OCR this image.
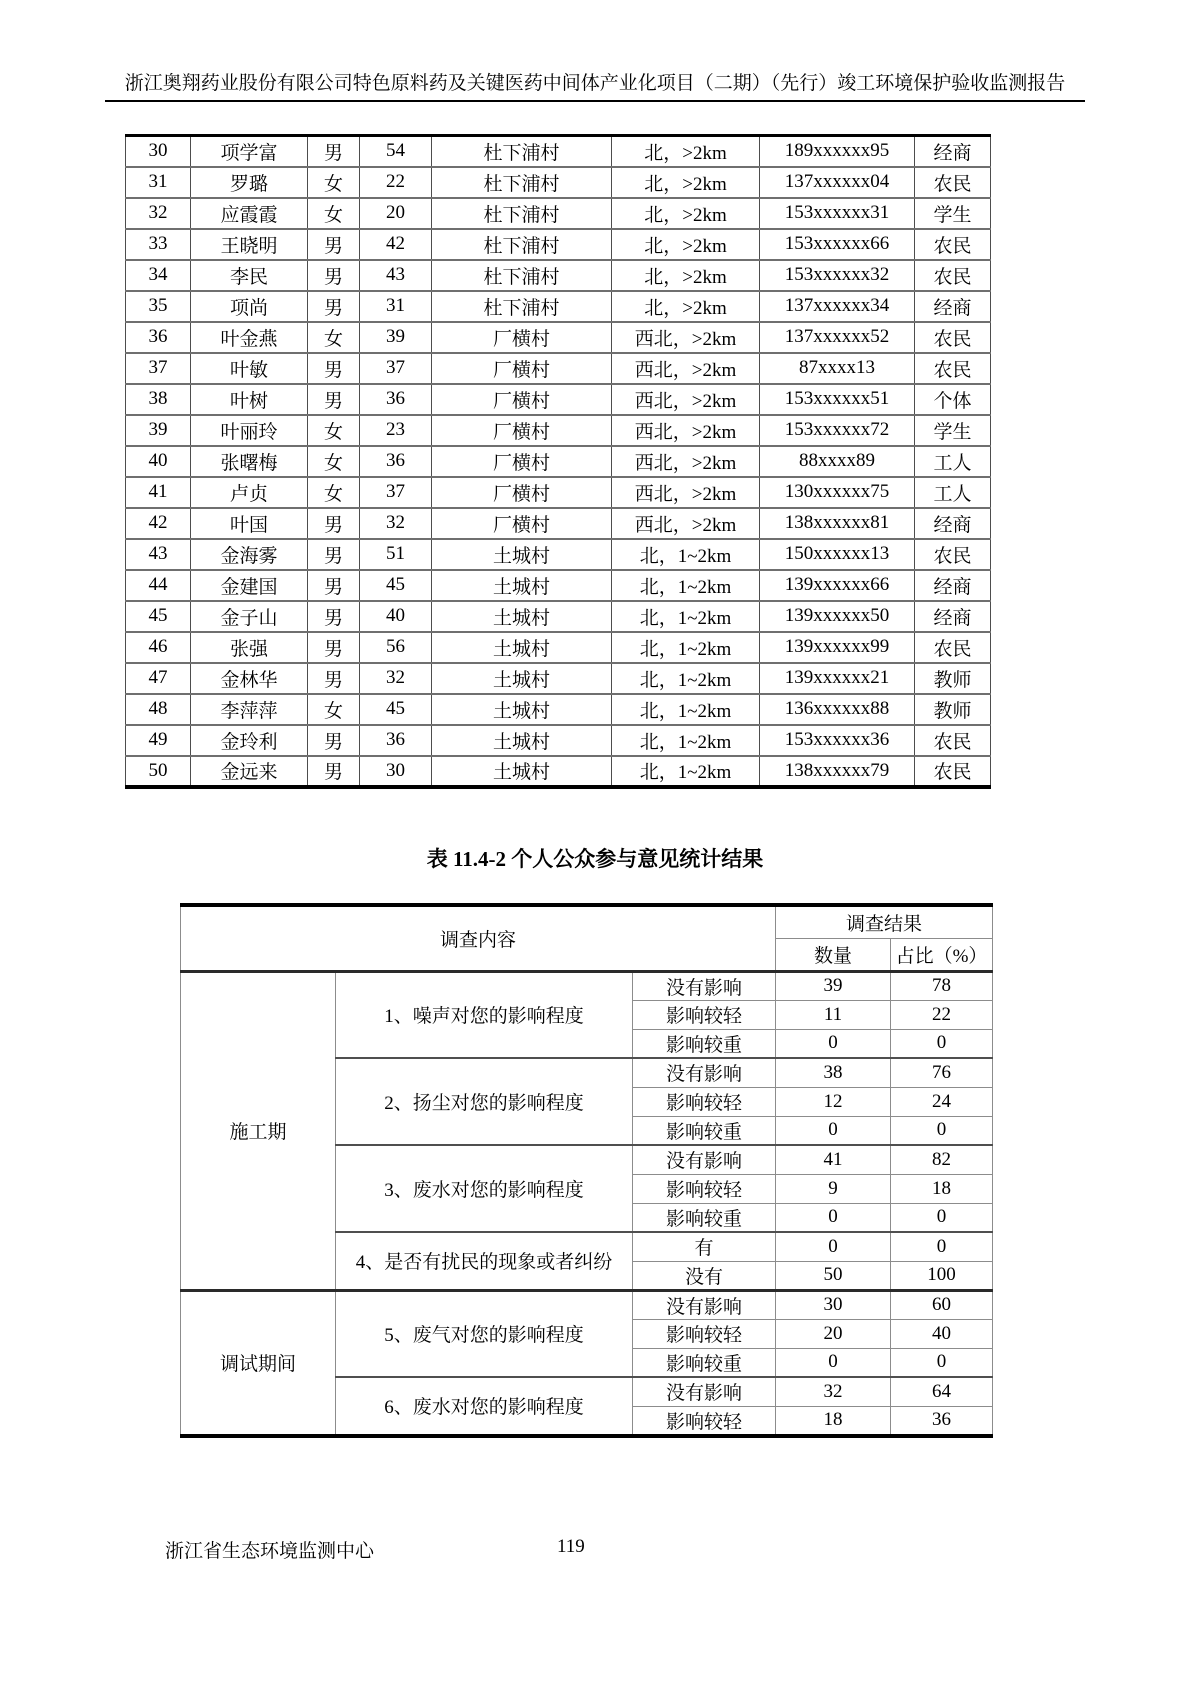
浙江奥翔药业股份有限公司特色原料药及关键医药中间体产业化项目（二期）（先行）竣工环境保护验收监测报告
30	项学富	男	54	杜下浦村	北，>2km	189xxxxxx95	经商
31	罗璐	女	22	杜下浦村	北，>2km	137xxxxxx04	农民
32	应霞霞	女	20	杜下浦村	北，>2km	153xxxxxx31	学生
33	王晓明	男	42	杜下浦村	北，>2km	153xxxxxx66	农民
34	李民	男	43	杜下浦村	北，>2km	153xxxxxx32	农民
35	项尚	男	31	杜下浦村	北，>2km	137xxxxxx34	经商
36	叶金燕	女	39	厂横村	西北，>2km	137xxxxxx52	农民
37	叶敏	男	37	厂横村	西北，>2km	87xxxx13	农民
38	叶树	男	36	厂横村	西北，>2km	153xxxxxx51	个体
39	叶丽玲	女	23	厂横村	西北，>2km	153xxxxxx72	学生
40	张曙梅	女	36	厂横村	西北，>2km	88xxxx89	工人
41	卢贞	女	37	厂横村	西北，>2km	130xxxxxx75	工人
42	叶国	男	32	厂横村	西北，>2km	138xxxxxx81	经商
43	金海雾	男	51	土城村	北，1~2km	150xxxxxx13	农民
44	金建国	男	45	土城村	北，1~2km	139xxxxxx66	经商
45	金子山	男	40	土城村	北，1~2km	139xxxxxx50	经商
46	张强	男	56	土城村	北，1~2km	139xxxxxx99	农民
47	金林华	男	32	土城村	北，1~2km	139xxxxxx21	教师
48	李萍萍	女	45	土城村	北，1~2km	136xxxxxx88	教师
49	金玲利	男	36	土城村	北，1~2km	153xxxxxx36	农民
50	金远来	男	30	土城村	北，1~2km	138xxxxxx79	农民
表 11.4-2 个人公众参与意见统计结果
调查内容			调查结果	
			数量	占比（%）
施工期	1、噪声对您的影响程度	没有影响	39	78
		影响较轻	11	22
		影响较重	0	0
	2、扬尘对您的影响程度	没有影响	38	76
		影响较轻	12	24
		影响较重	0	0
	3、废水对您的影响程度	没有影响	41	82
		影响较轻	9	18
		影响较重	0	0
	4、是否有扰民的现象或者纠纷	有	0	0
		没有	50	100
调试期间	5、废气对您的影响程度	没有影响	30	60
		影响较轻	20	40
		影响较重	0	0
	6、废水对您的影响程度	没有影响	32	64
		影响较轻	18	36
浙江省生态环境监测中心	119
